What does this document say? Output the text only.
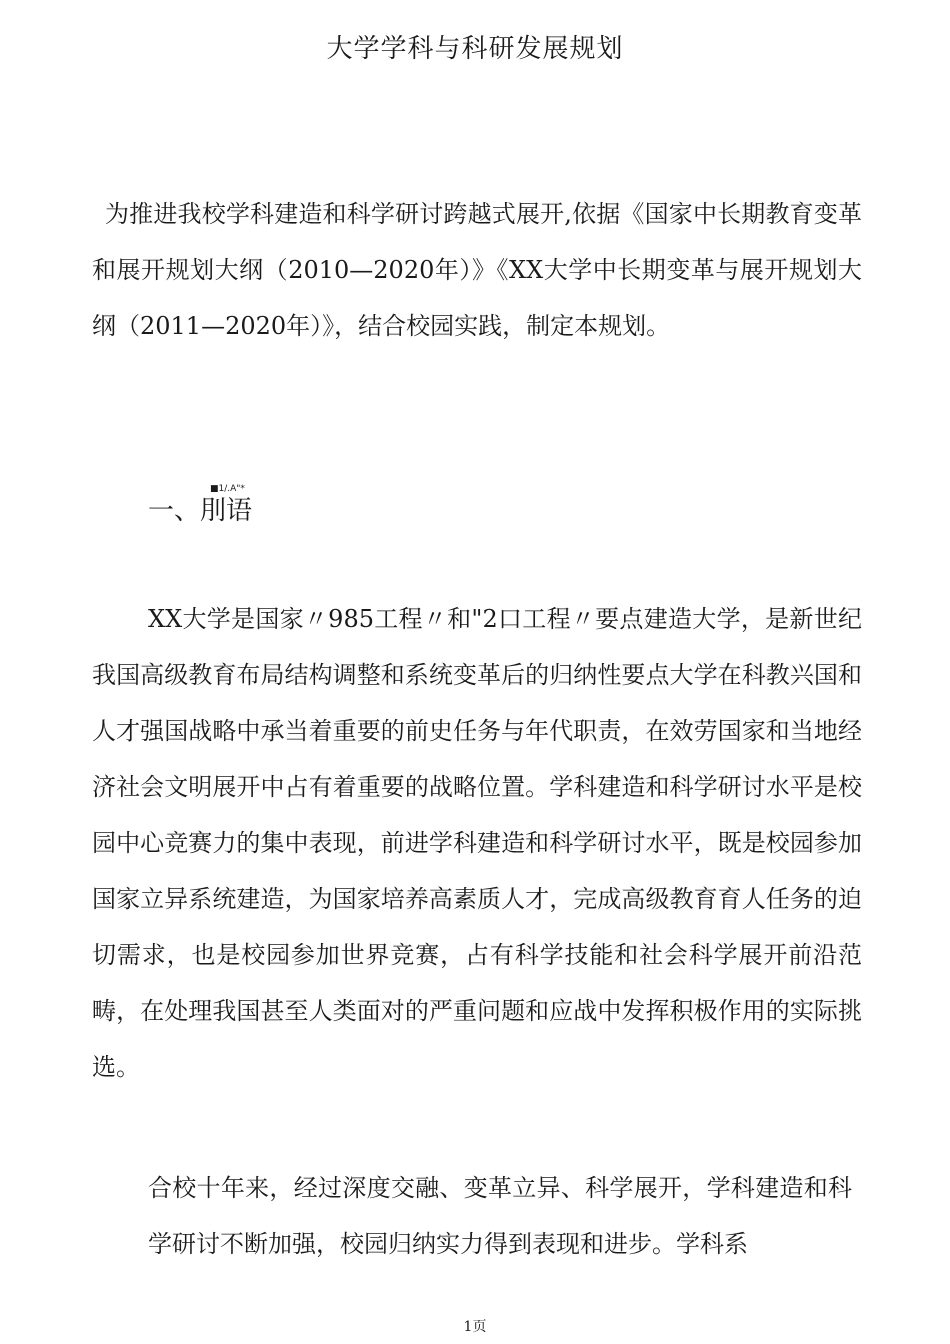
大学学科与科研发展规划

为推进我校学科建造和科学研讨跨越式展开,依据《国家中长期教育变革和展开规划大纲（2010—2020年）》《XX大学中长期变革与展开规划大纲（2011—2020年）》，结合校园实践，制定本规划。

■1/.A"*
一、刖语

XX大学是国家〃985工程〃和"2口工程〃要点建造大学，是新世纪我国高级教育布局结构调整和系统变革后的归纳性要点大学在科教兴国和人才强国战略中承当着重要的前史任务与年代职责，在效劳国家和当地经济社会文明展开中占有着重要的战略位置。学科建造和科学研讨水平是校园中心竞赛力的集中表现，前进学科建造和科学研讨水平，既是校园参加国家立异系统建造，为国家培养高素质人才，完成高级教育育人任务的迫切需求，也是校园参加世界竞赛，占有科学技能和社会科学展开前沿范畴，在处理我国甚至人类面对的严重问题和应战中发挥积极作用的实际挑选。

合校十年来，经过深度交融、变革立异、科学展开，学科建造和科学研讨不断加强，校园归纳实力得到表现和进步。学科系

1页
